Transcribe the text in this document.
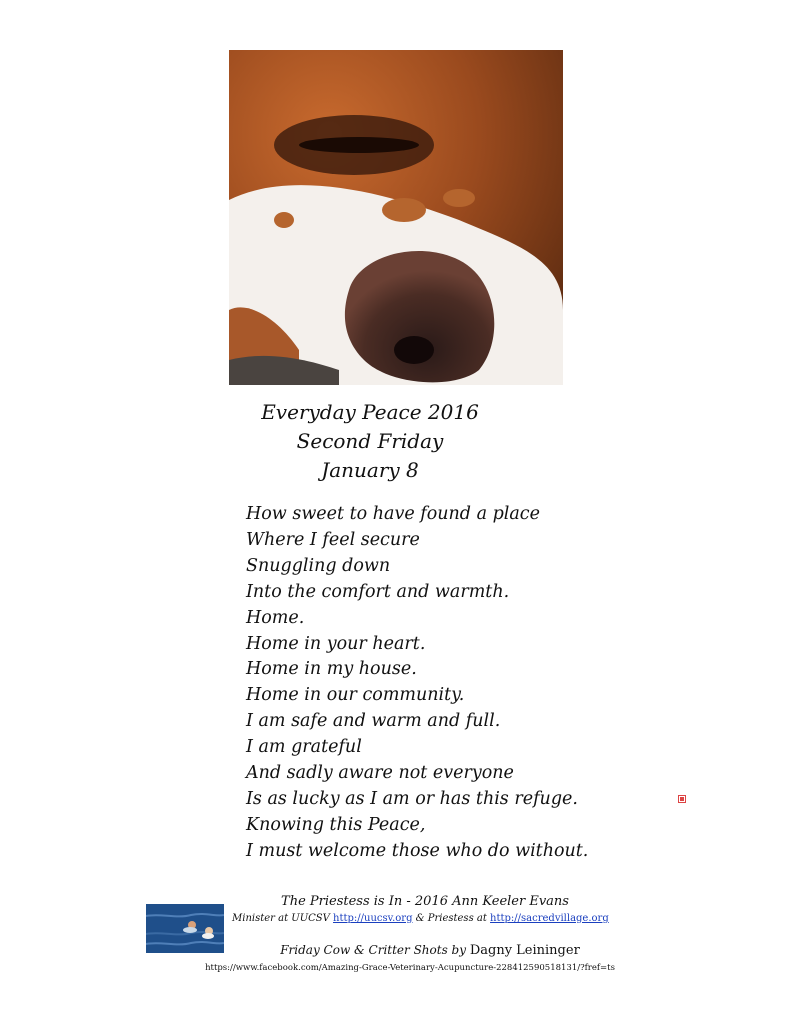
Everyday Peace 2016
Second Friday
January 8
How sweet to have found a place
Where I feel secure
Snuggling down
Into the comfort and warmth.
Home.
Home in your heart.
Home in my house.
Home in our community.
I am safe and warm and full.
I am grateful
And sadly aware not everyone
Is as lucky as I am or has this refuge.
Knowing this Peace,
I must welcome those who do without.
The Priestess is In - 2016 Ann Keeler Evans
Minister at UUCSV http://uucsv.org & Priestess at http://sacredvillage.org
Friday Cow & Critter Shots by Dagny Leininger
https://www.facebook.com/Amazing-Grace-Veterinary-Acupuncture-228412590518131/?fref=ts
